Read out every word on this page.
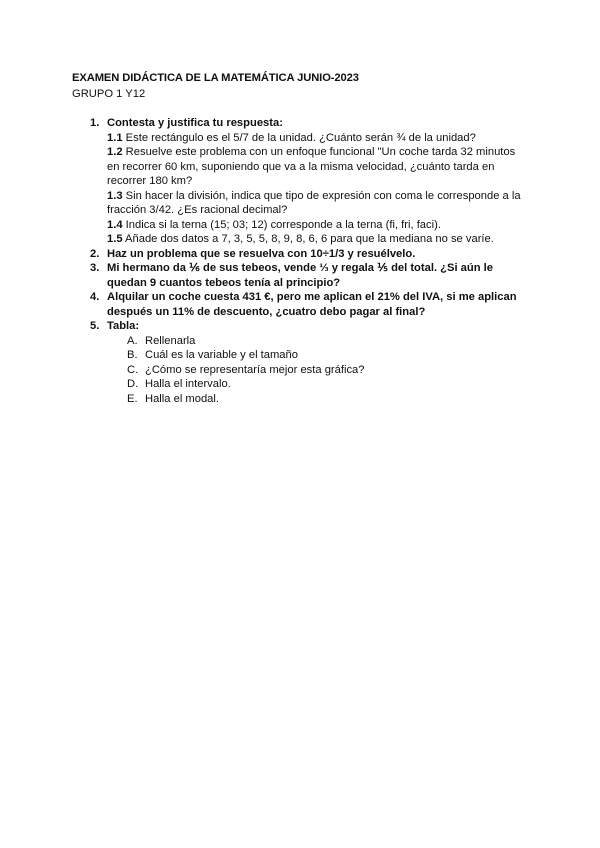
EXAMEN DIDÁCTICA DE LA MATEMÁTICA JUNIO-2023
GRUPO 1 Y12
1. Contesta y justifica tu respuesta:
1.1 Este rectángulo es el 5/7 de la unidad. ¿Cuánto serán ¾ de la unidad?
1.2 Resuelve este problema con un enfoque funcional "Un coche tarda 32 minutos en recorrer 60 km, suponiendo que va a la misma velocidad, ¿cuánto tarda en recorrer 180 km?
1.3 Sin hacer la división, indica que tipo de expresión con coma le corresponde a la fracción 3/42. ¿Es racional decimal?
1.4 Indica si la terna (15; 03; 12) corresponde a la terna (fi, fri, faci).
1.5 Añade dos datos a 7, 3, 5, 5, 8, 9, 8, 6, 6 para que la mediana no se varíe.
2. Haz un problema que se resuelva con 10÷1/3 y resuélvelo.
3. Mi hermano da ⅙ de sus tebeos, vende ⅓ y regala ⅕ del total. ¿Si aún le quedan 9 cuantos tebeos tenía al principio?
4. Alquilar un coche cuesta 431 €, pero me aplican el 21% del IVA, si me aplican después un 11% de descuento, ¿cuatro debo pagar al final?
5. Tabla:
A. Rellenarla
B. Cuál es la variable y el tamaño
C. ¿Cómo se representaría mejor esta gráfica?
D. Halla el intervalo.
E. Halla el modal.
